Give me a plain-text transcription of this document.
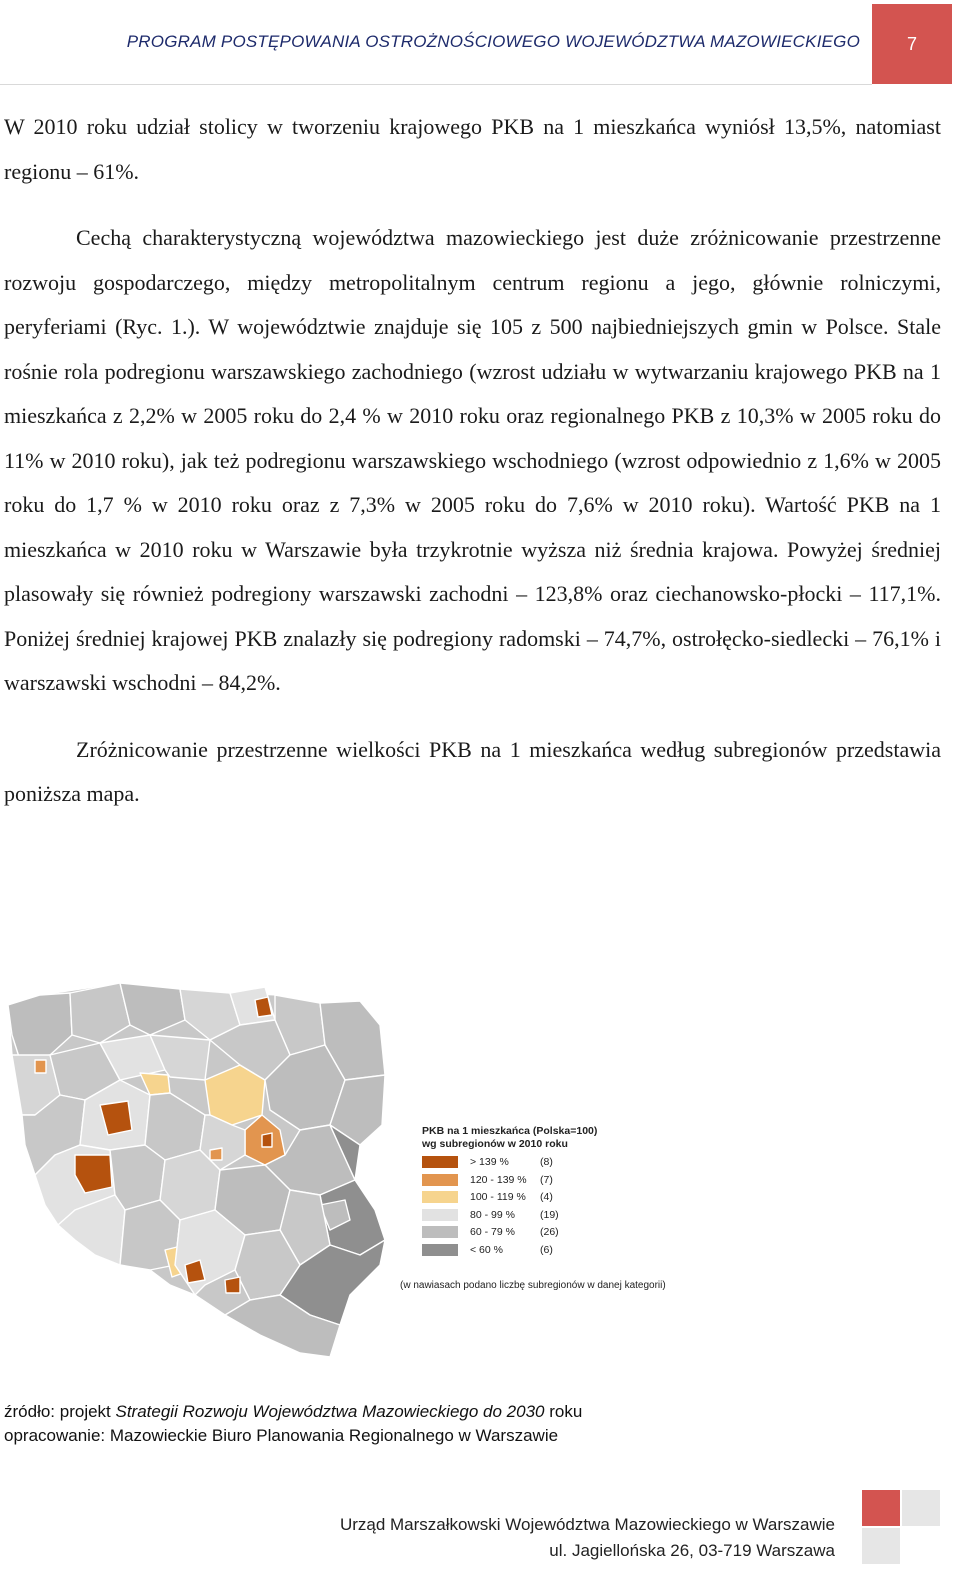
PROGRAM POSTĘPOWANIA OSTROŻNOŚCIOWEGO WOJEWÓDZTWA MAZOWIECKIEGO	7

W 2010 roku udział stolicy w tworzeniu krajowego PKB na 1 mieszkańca wyniósł 13,5%, natomiast regionu – 61%.

Cechą charakterystyczną województwa mazowieckiego jest duże zróżnicowanie przestrzenne rozwoju gospodarczego, między metropolitalnym centrum regionu a jego, głównie rolniczymi, peryferiami (Ryc. 1.). W województwie znajduje się 105 z 500 najbiedniejszych gmin w Polsce. Stale rośnie rola podregionu warszawskiego zachodniego (wzrost udziału w wytwarzaniu krajowego PKB na 1 mieszkańca z 2,2% w 2005 roku do 2,4 % w 2010 roku oraz regionalnego PKB z 10,3% w 2005 roku do 11% w 2010 roku), jak też podregionu warszawskiego wschodniego (wzrost odpowiednio z 1,6% w 2005 roku do 1,7 % w 2010 roku oraz z 7,3% w 2005 roku do 7,6% w 2010 roku). Wartość PKB na 1 mieszkańca w 2010 roku w Warszawie była trzykrotnie wyższa niż średnia krajowa. Powyżej średniej plasowały się również podregiony warszawski zachodni – 123,8% oraz ciechanowsko-płocki – 117,1%. Poniżej średniej krajowej PKB znalazły się podregiony radomski – 74,7%, ostrołęcko-siedlecki – 76,1% i warszawski wschodni – 84,2%.

Zróżnicowanie przestrzenne wielkości PKB na 1 mieszkańca według subregionów przedstawia poniższa mapa.

PKB na 1 mieszkańca (Polska=100)
wg subregionów w 2010 roku
> 139 %	(8)
120 - 139 % (7)
100 - 119 % (4)
80 - 99 % (19)
60 - 79 % (26)
< 60 %	(6)
(w nawiasach podano liczbę subregionów w danej kategorii)
źródło: projekt Strategii Rozwoju Województwa Mazowieckiego do 2030 roku
opracowanie: Mazowieckie Biuro Planowania Regionalnego w Warszawie
Urząd Marszałkowski Województwa Mazowieckiego w Warszawie
ul. Jagiellońska 26, 03-719 Warszawa
